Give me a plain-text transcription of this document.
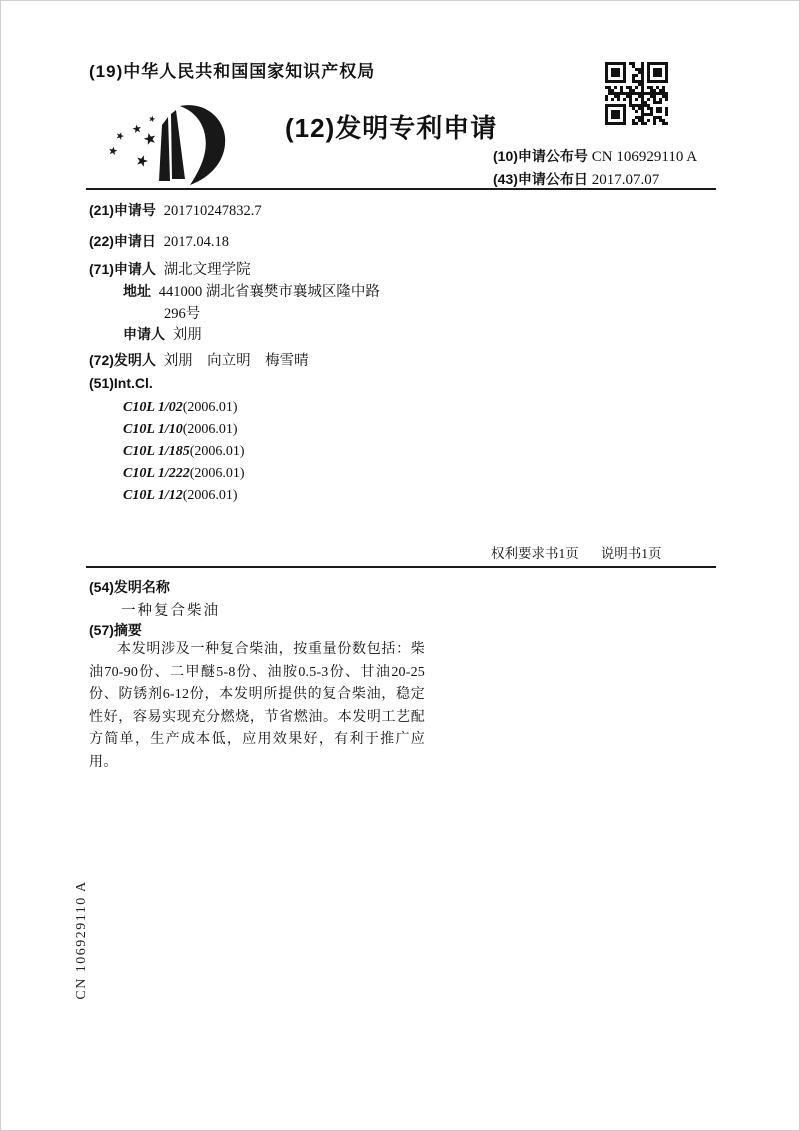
(19)中华人民共和国国家知识产权局
(12)发明专利申请
(10)申请公布号 CN 106929110 A
(43)申请公布日 2017.07.07
(21)申请号 201710247832.7
(22)申请日 2017.04.18
(71)申请人 湖北文理学院
地址 441000 湖北省襄樊市襄城区隆中路
296号
申请人 刘朋
(72)发明人 刘朋　向立明　梅雪晴
(51)Int.Cl.
C10L 1/02(2006.01)
C10L 1/10(2006.01)
C10L 1/185(2006.01)
C10L 1/222(2006.01)
C10L 1/12(2006.01)
权利要求书1页 说明书1页
(54)发明名称
一种复合柴油
(57)摘要
本发明涉及一种复合柴油，按重量份数包括：柴油70-90份、二甲醚5-8份、油胺0.5-3份、甘油20-25份、防锈剂6-12份，本发明所提供的复合柴油，稳定性好，容易实现充分燃烧，节省燃油。本发明工艺配方简单，生产成本低，应用效果好，有利于推广应用。
CN 106929110 A
